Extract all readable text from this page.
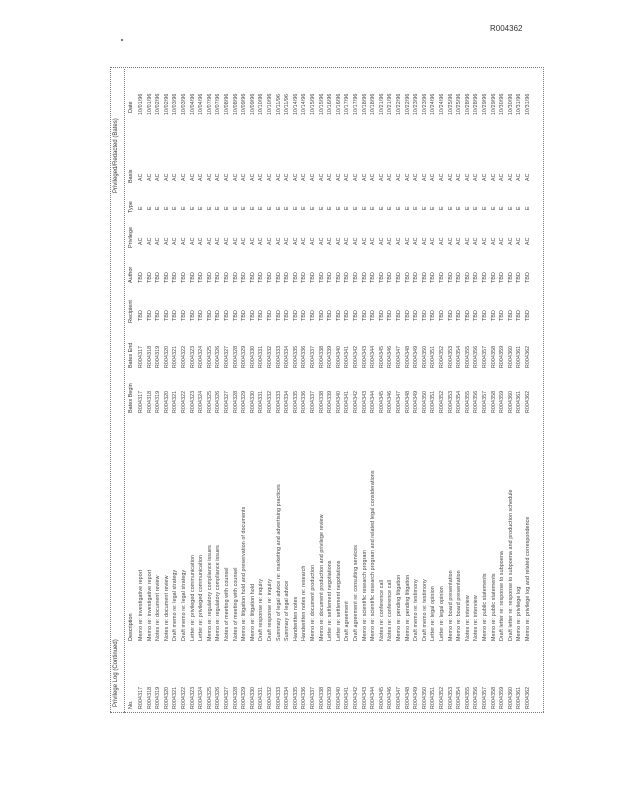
R004362
Privilege Log (Continued)
Privileged/Redacted (Bates)
No.
Description
Bates Begin
Bates End
Recipient
Author
Privilege
Type
Basis
Date
R004317
Memo re: investigative report
R004317
R004317
TBD
TBD
AC
E
AC
10/01/96
R004318
Memo re: investigative report
R004318
R004318
TBD
TBD
AC
E
AC
10/01/96
R004319
Notes re: document review
R004319
R004319
TBD
TBD
AC
E
AC
10/02/96
R004320
Notes re: document review
R004320
R004320
TBD
TBD
AC
E
AC
10/02/96
R004321
Draft memo re: legal strategy
R004321
R004321
TBD
TBD
AC
E
AC
10/03/96
R004322
Draft memo re: legal strategy
R004322
R004322
TBD
TBD
AC
E
AC
10/03/96
R004323
Letter re: privileged communication
R004323
R004323
TBD
TBD
AC
E
AC
10/04/96
R004324
Letter re: privileged communication
R004324
R004324
TBD
TBD
AC
E
AC
10/04/96
R004325
Memo re: regulatory compliance issues
R004325
R004325
TBD
TBD
AC
E
AC
10/07/96
R004326
Memo re: regulatory compliance issues
R004326
R004326
TBD
TBD
AC
E
AC
10/07/96
R004327
Notes of meeting with counsel
R004327
R004327
TBD
TBD
AC
E
AC
10/08/96
R004328
Notes of meeting with counsel
R004328
R004328
TBD
TBD
AC
E
AC
10/08/96
R004329
Memo re: litigation hold and preservation of documents
R004329
R004329
TBD
TBD
AC
E
AC
10/09/96
R004330
Memo re: litigation hold
R004330
R004330
TBD
TBD
AC
E
AC
10/09/96
R004331
Draft response re: inquiry
R004331
R004331
TBD
TBD
AC
E
AC
10/10/96
R004332
Draft response re: inquiry
R004332
R004332
TBD
TBD
AC
E
AC
10/10/96
R004333
Summary of legal advice re: marketing and advertising practices
R004333
R004333
TBD
TBD
AC
E
AC
10/11/96
R004334
Summary of legal advice
R004334
R004334
TBD
TBD
AC
E
AC
10/11/96
R004335
Handwritten notes
R004335
R004335
TBD
TBD
AC
E
AC
10/14/96
R004336
Handwritten notes re: research
R004336
R004336
TBD
TBD
AC
E
AC
10/14/96
R004337
Memo re: document production
R004337
R004337
TBD
TBD
AC
E
AC
10/15/96
R004338
Memo re: document production and privilege review
R004338
R004338
TBD
TBD
AC
E
AC
10/15/96
R004339
Letter re: settlement negotiations
R004339
R004339
TBD
TBD
AC
E
AC
10/16/96
R004340
Letter re: settlement negotiations
R004340
R004340
TBD
TBD
AC
E
AC
10/16/96
R004341
Draft agreement
R004341
R004341
TBD
TBD
AC
E
AC
10/17/96
R004342
Draft agreement re: consulting services
R004342
R004342
TBD
TBD
AC
E
AC
10/17/96
R004343
Memo re: scientific research program
R004343
R004343
TBD
TBD
AC
E
AC
10/18/96
R004344
Memo re: scientific research program and related legal considerations
R004344
R004344
TBD
TBD
AC
E
AC
10/18/96
R004345
Notes re: conference call
R004345
R004345
TBD
TBD
AC
E
AC
10/21/96
R004346
Notes re: conference call
R004346
R004346
TBD
TBD
AC
E
AC
10/21/96
R004347
Memo re: pending litigation
R004347
R004347
TBD
TBD
AC
E
AC
10/22/96
R004348
Memo re: pending litigation
R004348
R004348
TBD
TBD
AC
E
AC
10/22/96
R004349
Draft memo re: testimony
R004349
R004349
TBD
TBD
AC
E
AC
10/23/96
R004350
Draft memo re: testimony
R004350
R004350
TBD
TBD
AC
E
AC
10/23/96
R004351
Letter re: legal opinion
R004351
R004351
TBD
TBD
AC
E
AC
10/24/96
R004352
Letter re: legal opinion
R004352
R004352
TBD
TBD
AC
E
AC
10/24/96
R004353
Memo re: board presentation
R004353
R004353
TBD
TBD
AC
E
AC
10/25/96
R004354
Memo re: board presentation
R004354
R004354
TBD
TBD
AC
E
AC
10/25/96
R004355
Notes re: interview
R004355
R004355
TBD
TBD
AC
E
AC
10/28/96
R004356
Notes re: interview
R004356
R004356
TBD
TBD
AC
E
AC
10/28/96
R004357
Memo re: public statements
R004357
R004357
TBD
TBD
AC
E
AC
10/29/96
R004358
Memo re: public statements
R004358
R004358
TBD
TBD
AC
E
AC
10/29/96
R004359
Draft letter re: response to subpoena
R004359
R004359
TBD
TBD
AC
E
AC
10/30/96
R004360
Draft letter re: response to subpoena and production schedule
R004360
R004360
TBD
TBD
AC
E
AC
10/30/96
R004361
Memo re: privilege log
R004361
R004361
TBD
TBD
AC
E
AC
10/31/96
R004362
Memo re: privilege log and related correspondence
R004362
R004362
TBD
TBD
AC
E
AC
10/31/96
